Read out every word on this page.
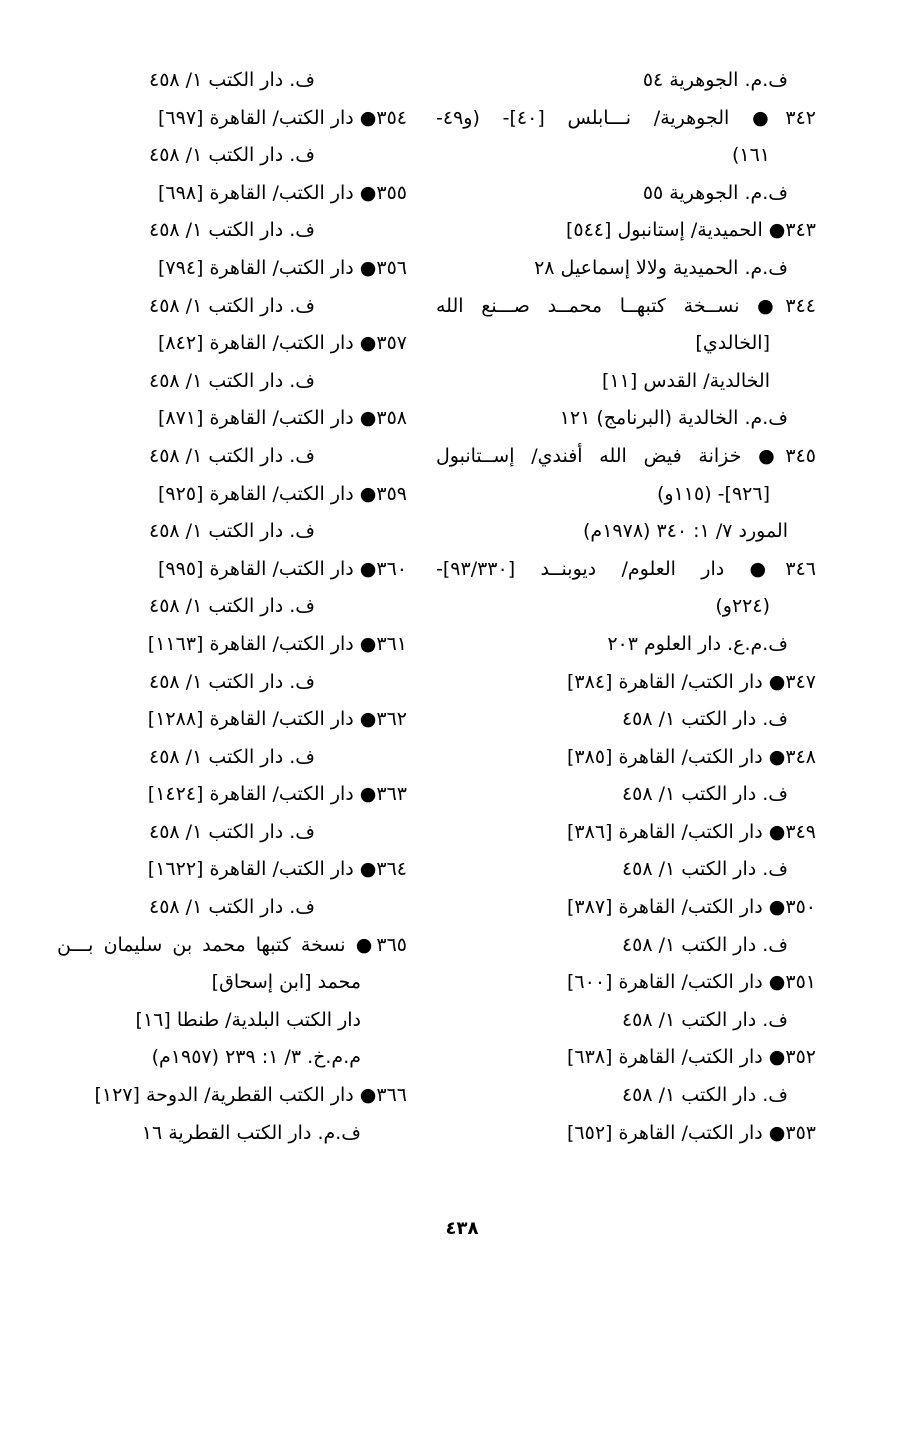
ف.م. الجوهرية ٥٤
٣٤٢● الجوهرية/ نـــابلس [٤٠]- (و٤٩-
١٦١)
ف.م. الجوهرية ٥٥
٣٤٣● الحميدية/ إستانبول [٥٤٤]
ف.م. الحميدية ولالا إسماعيل ٢٨
٣٤٤● نســخة كتبهــا محمــد صـــنع الله
[الخالدي]
الخالدية/ القدس [١١]
ف.م. الخالدية (البرنامج) ١٢١
٣٤٥● خزانة فيض الله أفندي/ إســتانبول
[٩٢٦]- (١١٥و)
المورد ٧/ ١: ٣٤٠ (١٩٧٨م)
٣٤٦● دار العلوم/ ديوبنــد [٩٣/٣٣٠]-
(٢٢٤و)
ف.م.ع. دار العلوم ٢٠٣
٣٤٧● دار الكتب/ القاهرة [٣٨٤]
ف. دار الكتب ١/ ٤٥٨
٣٤٨● دار الكتب/ القاهرة [٣٨٥]
ف. دار الكتب ١/ ٤٥٨
٣٤٩● دار الكتب/ القاهرة [٣٨٦]
ف. دار الكتب ١/ ٤٥٨
٣٥٠● دار الكتب/ القاهرة [٣٨٧]
ف. دار الكتب ١/ ٤٥٨
٣٥١● دار الكتب/ القاهرة [٦٠٠]
ف. دار الكتب ١/ ٤٥٨
٣٥٢● دار الكتب/ القاهرة [٦٣٨]
ف. دار الكتب ١/ ٤٥٨
٣٥٣● دار الكتب/ القاهرة [٦٥٢]
ف. دار الكتب ١/ ٤٥٨
٣٥٤● دار الكتب/ القاهرة [٦٩٧]
ف. دار الكتب ١/ ٤٥٨
٣٥٥● دار الكتب/ القاهرة [٦٩٨]
ف. دار الكتب ١/ ٤٥٨
٣٥٦● دار الكتب/ القاهرة [٧٩٤]
ف. دار الكتب ١/ ٤٥٨
٣٥٧● دار الكتب/ القاهرة [٨٤٢]
ف. دار الكتب ١/ ٤٥٨
٣٥٨● دار الكتب/ القاهرة [٨٧١]
ف. دار الكتب ١/ ٤٥٨
٣٥٩● دار الكتب/ القاهرة [٩٢٥]
ف. دار الكتب ١/ ٤٥٨
٣٦٠● دار الكتب/ القاهرة [٩٩٥]
ف. دار الكتب ١/ ٤٥٨
٣٦١● دار الكتب/ القاهرة [١١٦٣]
ف. دار الكتب ١/ ٤٥٨
٣٦٢● دار الكتب/ القاهرة [١٢٨٨]
ف. دار الكتب ١/ ٤٥٨
٣٦٣● دار الكتب/ القاهرة [١٤٢٤]
ف. دار الكتب ١/ ٤٥٨
٣٦٤● دار الكتب/ القاهرة [١٦٢٢]
ف. دار الكتب ١/ ٤٥٨
٣٦٥● نسخة كتبها محمد بن سليمان بـــن
محمد [ابن إسحاق]
دار الكتب البلدية/ طنطا [١٦]
م.م.خ. ٣/ ١: ٢٣٩ (١٩٥٧م)
٣٦٦● دار الكتب القطرية/ الدوحة [١٢٧]
ف.م. دار الكتب القطرية ١٦
٤٣٨
